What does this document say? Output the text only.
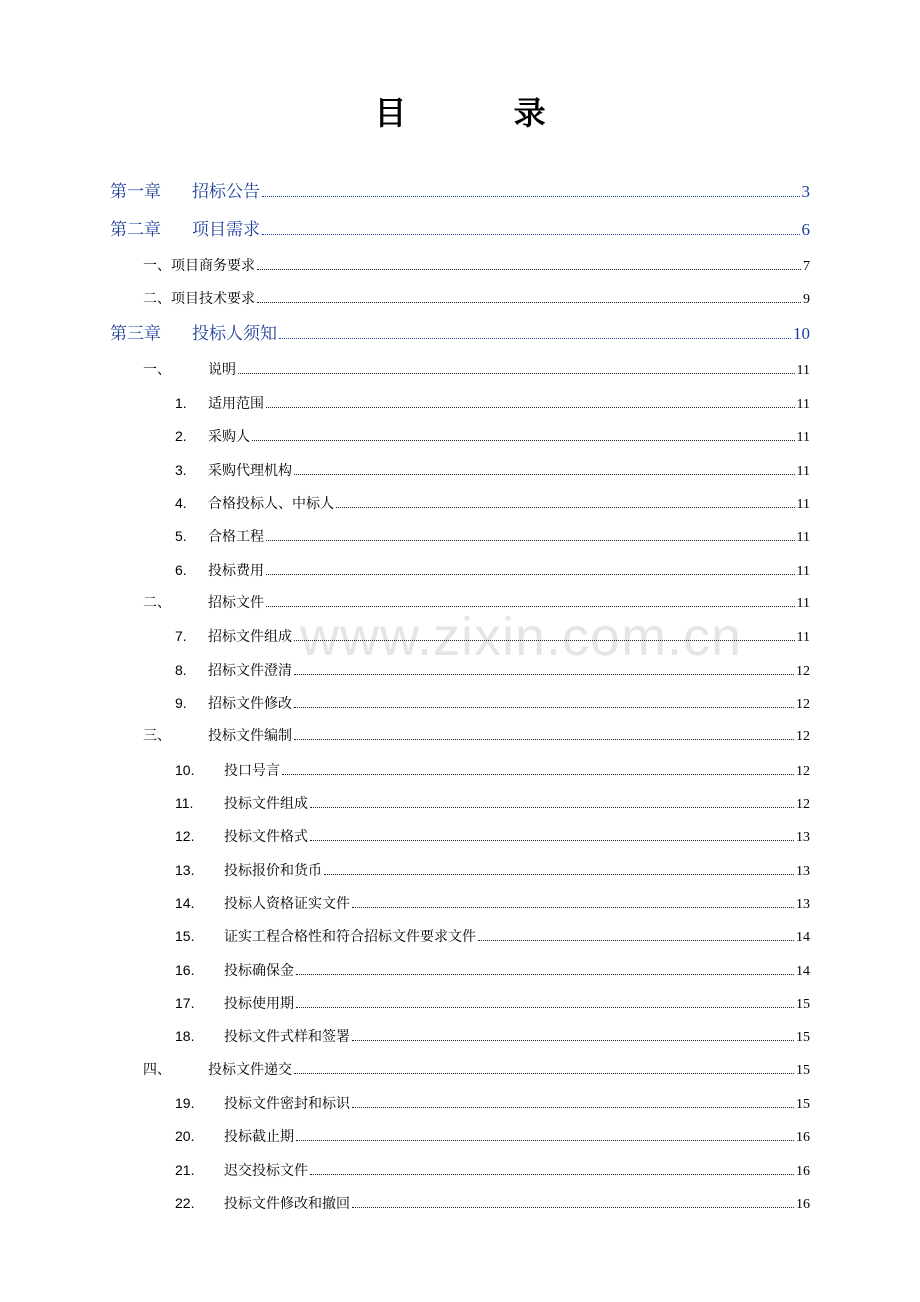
目 录
www.zixin.com.cn
第一章	招标公告	3
第二章	项目需求	6
一、项目商务要求	7
二、项目技术要求	9
第三章	投标人须知	10
一、	说明	11
1.	适用范围	11
2.	采购人	11
3.	采购代理机构	11
4.	合格投标人、中标人	11
5.	合格工程	11
6.	投标费用	11
二、	招标文件	11
7.	招标文件组成	11
8.	招标文件澄清	12
9.	招标文件修改	12
三、	投标文件编制	12
10.	投口号言	12
11.	投标文件组成	12
12.	投标文件格式	13
13.	投标报价和货币	13
14.	投标人资格证实文件	13
15.	证实工程合格性和符合招标文件要求文件	14
16.	投标确保金	14
17.	投标使用期	15
18.	投标文件式样和签署	15
四、	投标文件递交	15
19.	投标文件密封和标识	15
20.	投标截止期	16
21.	迟交投标文件	16
22.	投标文件修改和撤回	16
